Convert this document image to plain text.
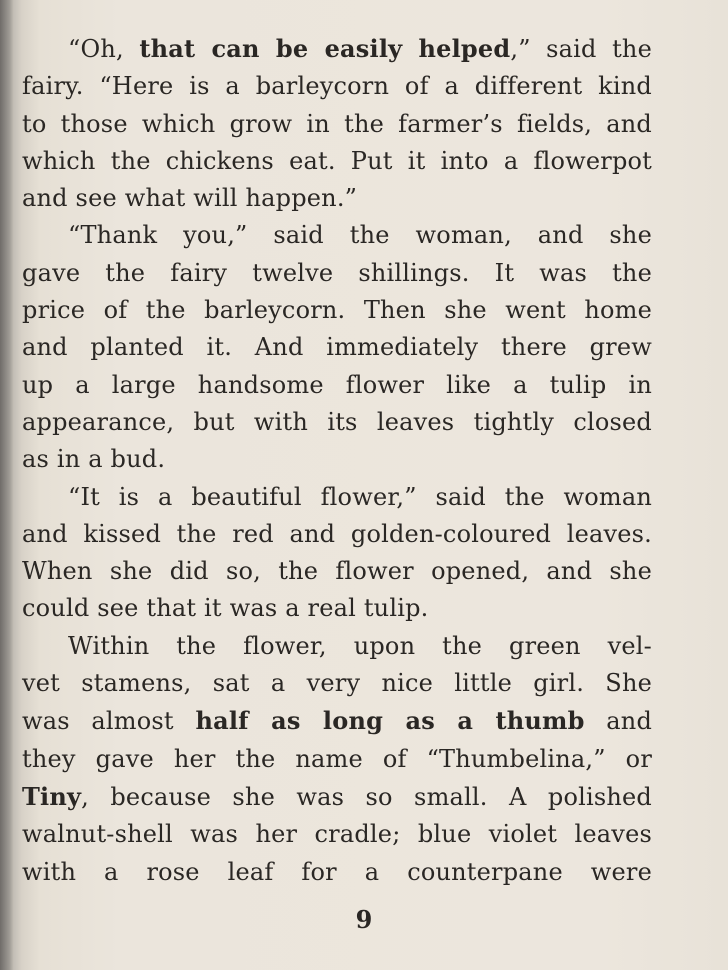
“Oh, that can be easily helped,” said the
fairy. “Here is a barleycorn of a different kind
to those which grow in the farmer’s fields, and
which the chickens eat. Put it into a flowerpot
and see what will happen.”
“Thank you,” said the woman, and she
gave the fairy twelve shillings. It was the
price of the barleycorn. Then she went home
and planted it. And immediately there grew
up a large handsome flower like a tulip in
appearance, but with its leaves tightly closed
as in a bud.
“It is a beautiful flower,” said the woman
and kissed the red and golden-coloured leaves.
When she did so, the flower opened, and she
could see that it was a real tulip.
Within the flower, upon the green vel-
vet stamens, sat a very nice little girl. She
was almost half as long as a thumb and
they gave her the name of “Thumbelina,” or
Tiny, because she was so small. A polished
walnut-shell was her cradle; blue violet leaves
with a rose leaf for a counterpane were
9
